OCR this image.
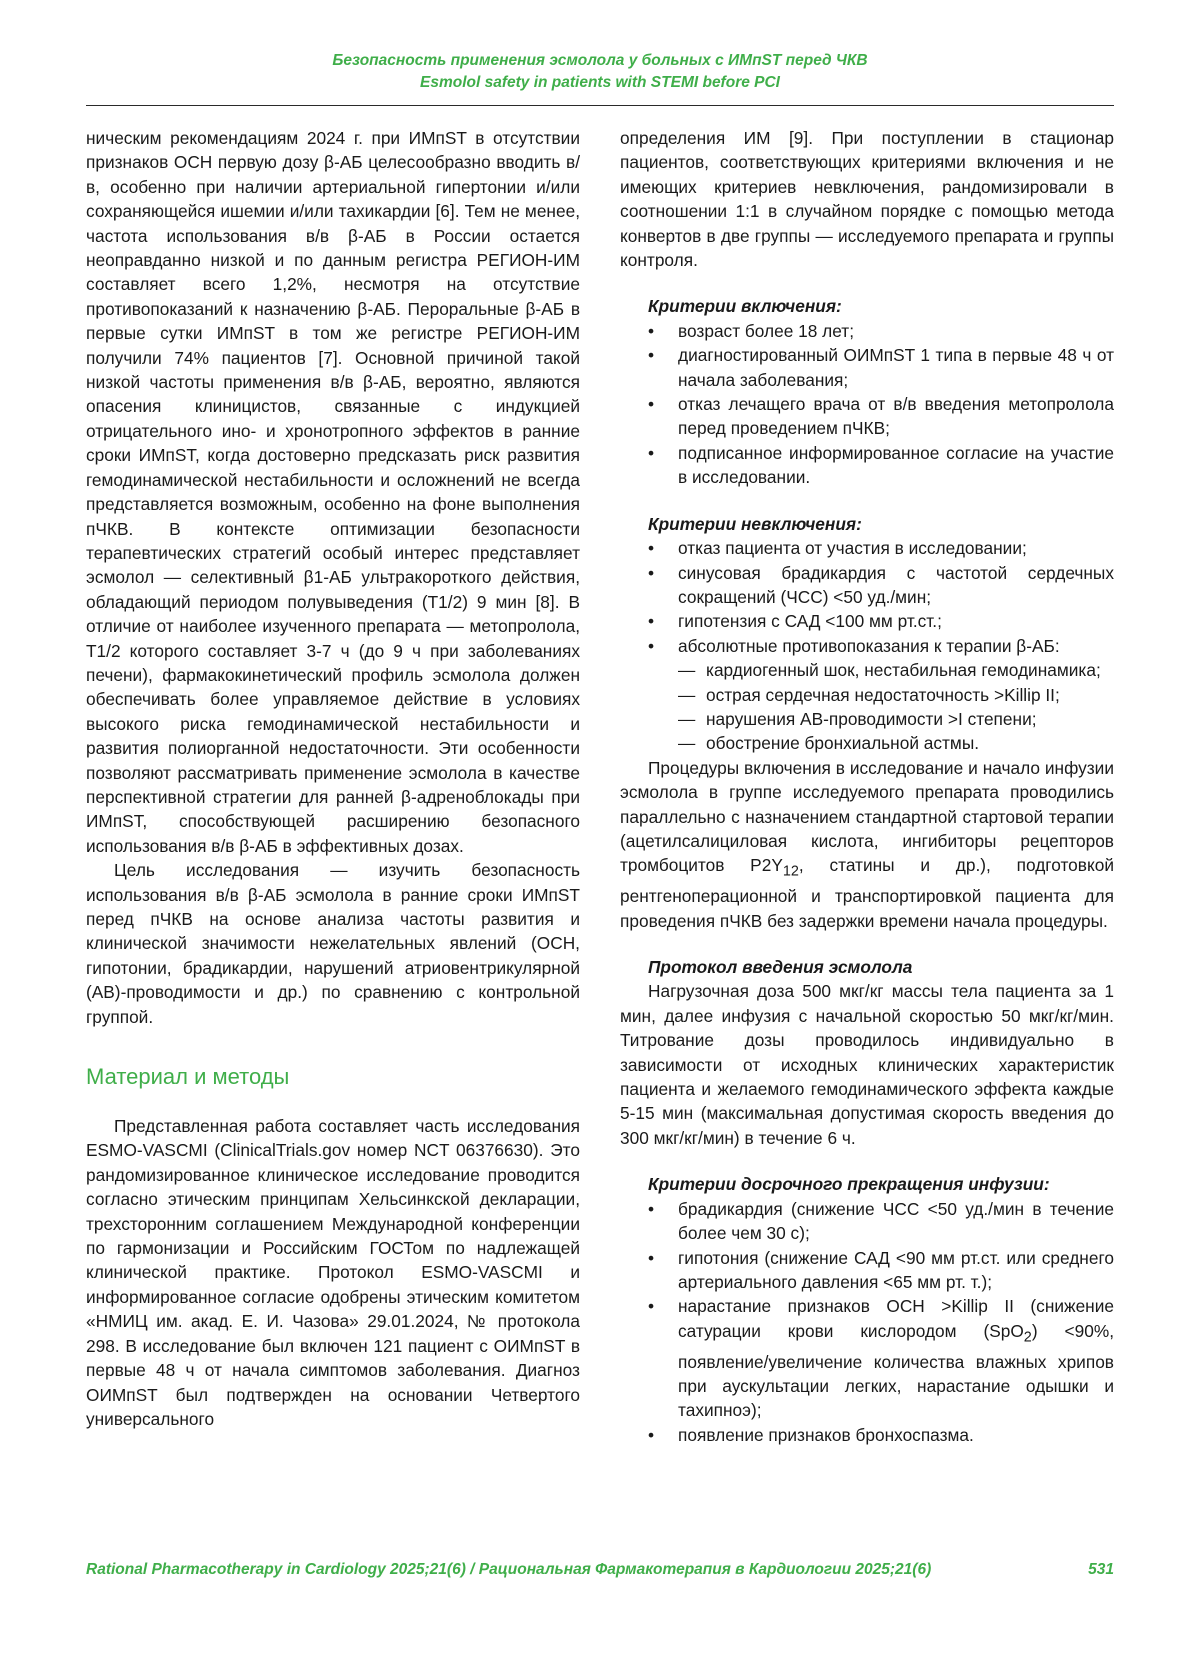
Безопасность применения эсмолола у больных с ИМпST перед ЧКВ
Esmolol safety in patients with STEMI before PCI

ническим рекомендациям 2024 г. при ИМпST в отсутствии признаков ОСН первую дозу β-АБ целесообразно вводить в/в, особенно при наличии артериальной гипертонии и/или сохраняющейся ишемии и/или тахикардии [6]. Тем не менее, частота использования в/в β-АБ в России остается неоправданно низкой и по данным регистра РЕГИОН-ИМ составляет всего 1,2%, несмотря на отсутствие противопоказаний к назначению β-АБ. Пероральные β-АБ в первые сутки ИМпST в том же регистре РЕГИОН-ИМ получили 74% пациентов [7]. Основной причиной такой низкой частоты применения в/в β-АБ, вероятно, являются опасения клиницистов, связанные с индукцией отрицательного ино- и хронотропного эффектов в ранние сроки ИМпST, когда достоверно предсказать риск развития гемодинамической нестабильности и осложнений не всегда представляется возможным, особенно на фоне выполнения пЧКВ. В контексте оптимизации безопасности терапевтических стратегий особый интерес представляет эсмолол — селективный β1-АБ ультракороткого действия, обладающий периодом полувыведения (Т1/2) 9 мин [8]. В отличие от наиболее изученного препарата — метопролола, Т1/2 которого составляет 3-7 ч (до 9 ч при заболеваниях печени), фармакокинетический профиль эсмолола должен обеспечивать более управляемое действие в условиях высокого риска гемодинамической нестабильности и развития полиорганной недостаточности. Эти особенности позволяют рассматривать применение эсмолола в качестве перспективной стратегии для ранней β-адреноблокады при ИМпST, способствующей расширению безопасного использования в/в β-АБ в эффективных дозах.

Цель исследования — изучить безопасность использования в/в β-АБ эсмолола в ранние сроки ИМпST перед пЧКВ на основе анализа частоты развития и клинической значимости нежелательных явлений (ОСН, гипотонии, брадикардии, нарушений атриовентрикулярной (АВ)-проводимости и др.) по сравнению с контрольной группой.

Материал и методы

Представленная работа составляет часть исследования ESMO-VASCMI (ClinicalTrials.gov номер NCT 06376630). Это рандомизированное клиническое исследование проводится согласно этическим принципам Хельсинкской декларации, трехсторонним соглашением Международной конференции по гармонизации и Российским ГОСТом по надлежащей клинической практике. Протокол ESMO-VASCMI и информированное согласие одобрены этическим комитетом «НМИЦ им. акад. Е. И. Чазова» 29.01.2024, № протокола 298. В исследование был включен 121 пациент с ОИМпST в первые 48 ч от начала симптомов заболевания. Диагноз ОИМпST был подтвержден на основании Четвертого универсального

определения ИМ [9]. При поступлении в стационар пациентов, соответствующих критериями включения и не имеющих критериев невключения, рандомизировали в соотношении 1:1 в случайном порядке с помощью метода конвертов в две группы — исследуемого препарата и группы контроля.

Критерии включения:

• возраст более 18 лет;
• диагностированный ОИМпST 1 типа в первые 48 ч от начала заболевания;
• отказ лечащего врача от в/в введения метопролола перед проведением пЧКВ;
• подписанное информированное согласие на участие в исследовании.

Критерии невключения:

• отказ пациента от участия в исследовании;
• синусовая брадикардия с частотой сердечных сокращений (ЧСС) <50 уд./мин;
• гипотензия с САД <100 мм рт.ст.;
• абсолютные противопоказания к терапии β-АБ:
— кардиогенный шок, нестабильная гемодинамика;
— острая сердечная недостаточность >Killip II;
— нарушения АВ-проводимости >I степени;
— обострение бронхиальной астмы.

Процедуры включения в исследование и начало инфузии эсмолола в группе исследуемого препарата проводились параллельно с назначением стандартной стартовой терапии (ацетилсалициловая кислота, ингибиторы рецепторов тромбоцитов $P2Y_{12}$, статины и др.), подготовкой рентгеноперационной и транспортировкой пациента для проведения пЧКВ без задержки времени начала процедуры.

Протокол введения эсмолола

Нагрузочная доза 500 мкг/кг массы тела пациента за 1 мин, далее инфузия с начальной скоростью 50 мкг/кг/мин. Титрование дозы проводилось индивидуально в зависимости от исходных клинических характеристик пациента и желаемого гемодинамического эффекта каждые 5-15 мин (максимальная допустимая скорость введения до 300 мкг/кг/мин) в течение 6 ч.

Критерии досрочного прекращения инфузии:

• брадикардия (снижение ЧСС <50 уд./мин в течение более чем 30 с);
• гипотония (снижение САД <90 мм рт.ст. или среднего артериального давления <65 мм рт. т.);
• нарастание признаков ОСН >Killip II (снижение сатурации крови кислородом (SpO$_2$) <90%, появление/увеличение количества влажных хрипов при аускультации легких, нарастание одышки и тахипноэ);
• появление признаков бронхоспазма.
Rational Pharmacotherapy in Cardiology 2025;21(6) / Рациональная Фармакотерапия в Кардиологии 2025;21(6)	531
